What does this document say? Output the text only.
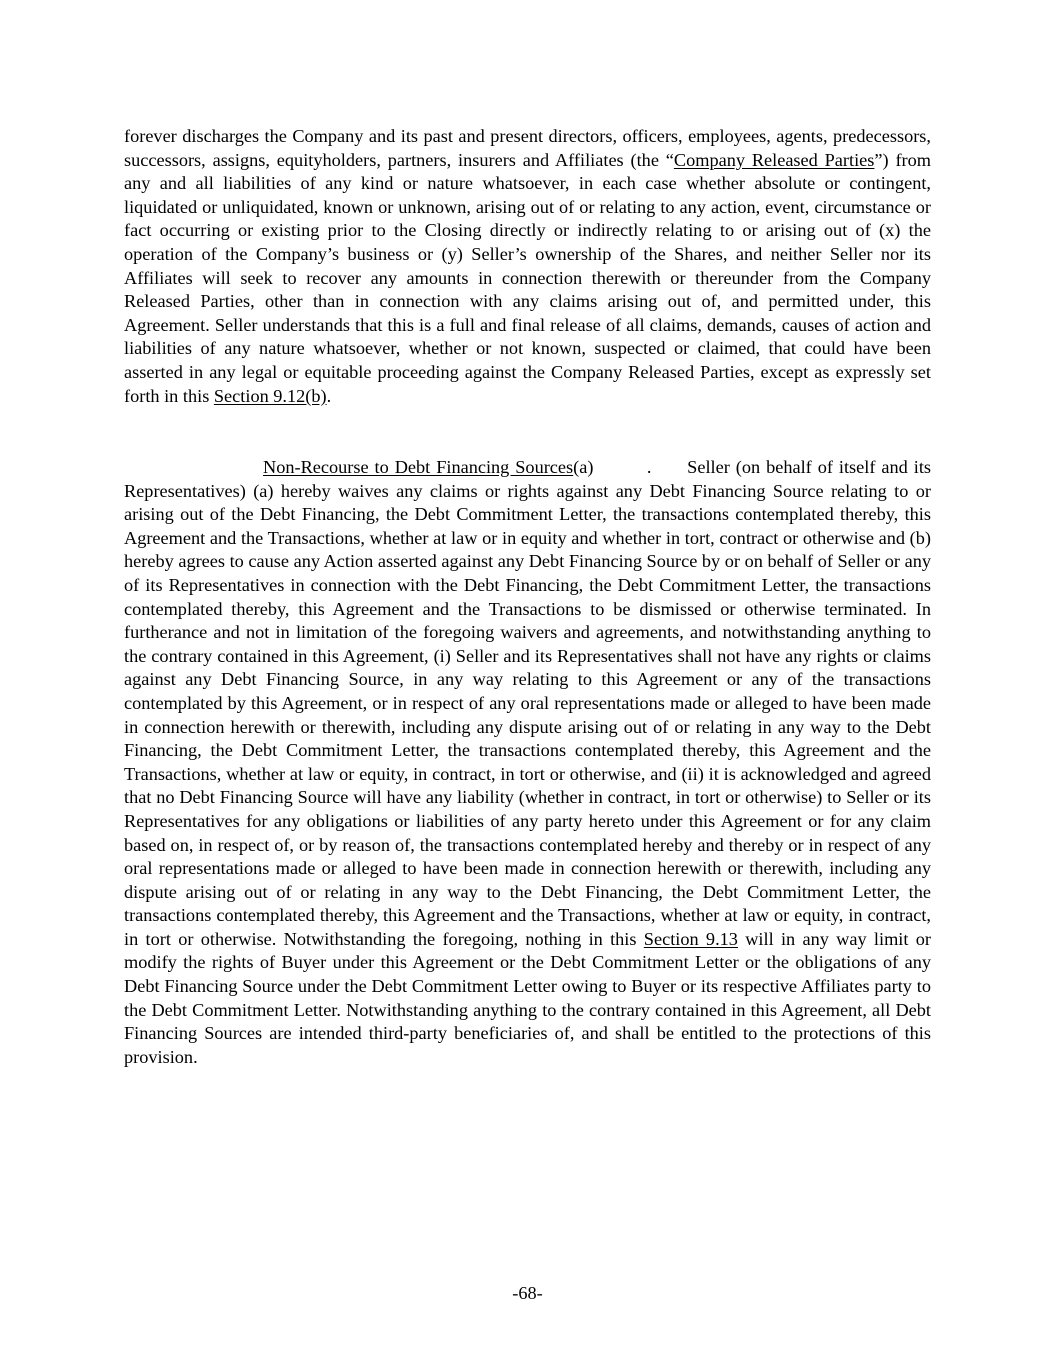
forever discharges the Company and its past and present directors, officers, employees, agents, predecessors, successors, assigns, equityholders, partners, insurers and Affiliates (the “Company Released Parties”) from any and all liabilities of any kind or nature whatsoever, in each case whether absolute or contingent, liquidated or unliquidated, known or unknown, arising out of or relating to any action, event, circumstance or fact occurring or existing prior to the Closing directly or indirectly relating to or arising out of (x) the operation of the Company’s business or (y) Seller’s ownership of the Shares, and neither Seller nor its Affiliates will seek to recover any amounts in connection therewith or thereunder from the Company Released Parties, other than in connection with any claims arising out of, and permitted under, this Agreement. Seller understands that this is a full and final release of all claims, demands, causes of action and liabilities of any nature whatsoever, whether or not known, suspected or claimed, that could have been asserted in any legal or equitable proceeding against the Company Released Parties, except as expressly set forth in this Section 9.12(b).

Non-Recourse to Debt Financing Sources(a)	. Seller (on behalf of itself and its Representatives) (a) hereby waives any claims or rights against any Debt Financing Source relating to or arising out of the Debt Financing, the Debt Commitment Letter, the transactions contemplated thereby, this Agreement and the Transactions, whether at law or in equity and whether in tort, contract or otherwise and (b) hereby agrees to cause any Action asserted against any Debt Financing Source by or on behalf of Seller or any of its Representatives in connection with the Debt Financing, the Debt Commitment Letter, the transactions contemplated thereby, this Agreement and the Transactions to be dismissed or otherwise terminated. In furtherance and not in limitation of the foregoing waivers and agreements, and notwithstanding anything to the contrary contained in this Agreement, (i) Seller and its Representatives shall not have any rights or claims against any Debt Financing Source, in any way relating to this Agreement or any of the transactions contemplated by this Agreement, or in respect of any oral representations made or alleged to have been made in connection herewith or therewith, including any dispute arising out of or relating in any way to the Debt Financing, the Debt Commitment Letter, the transactions contemplated thereby, this Agreement and the Transactions, whether at law or equity, in contract, in tort or otherwise, and (ii) it is acknowledged and agreed that no Debt Financing Source will have any liability (whether in contract, in tort or otherwise) to Seller or its Representatives for any obligations or liabilities of any party hereto under this Agreement or for any claim based on, in respect of, or by reason of, the transactions contemplated hereby and thereby or in respect of any oral representations made or alleged to have been made in connection herewith or therewith, including any dispute arising out of or relating in any way to the Debt Financing, the Debt Commitment Letter, the transactions contemplated thereby, this Agreement and the Transactions, whether at law or equity, in contract, in tort or otherwise. Notwithstanding the foregoing, nothing in this Section 9.13 will in any way limit or modify the rights of Buyer under this Agreement or the Debt Commitment Letter or the obligations of any Debt Financing Source under the Debt Commitment Letter owing to Buyer or its respective Affiliates party to the Debt Commitment Letter. Notwithstanding anything to the contrary contained in this Agreement, all Debt Financing Sources are intended third-party beneficiaries of, and shall be entitled to the protections of this provision.

-68-
